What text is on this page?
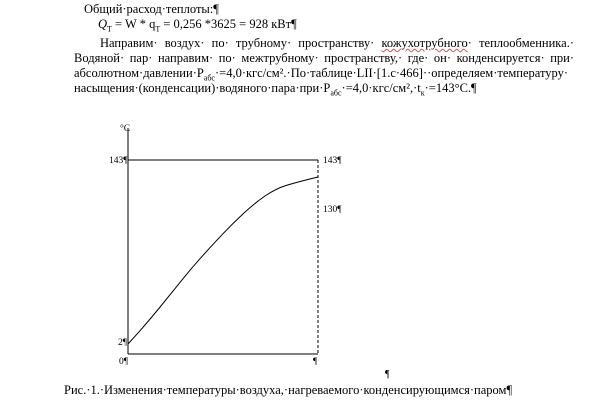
Общий·расход·теплоты:¶
$Q_T = W * q_T = 0,256$ *3625 = 928 кВт¶
Направим· воздух· по· трубному· пространству· кожухотрубного· теплообменника.·
Водяной· пар· направим· по· межтрубному· пространству,· где· он· конденсируется· при·
$абсолютном\cdot давлении\cdot P_{абс}\cdot=4,0\cdot кгс/см^2.\cdot По\cdot таблице\cdot LII\cdot[1.с\cdot 466]\cdot\cdot определяем\cdot температуру\cdot$
$насыщения\cdot(конденсации)\cdot водяного\cdot пара\cdot при\cdot P_{абс}\cdot=4,0\cdot кгс/см^2,\cdot t_к\cdot=143^\circ C.\P$
°C
143¶
2¶
143¶
130¶
0¶	¶
¶
Рис.·1.·Изменения·температуры·воздуха,·нагреваемого·конденсирующимся·паром¶
